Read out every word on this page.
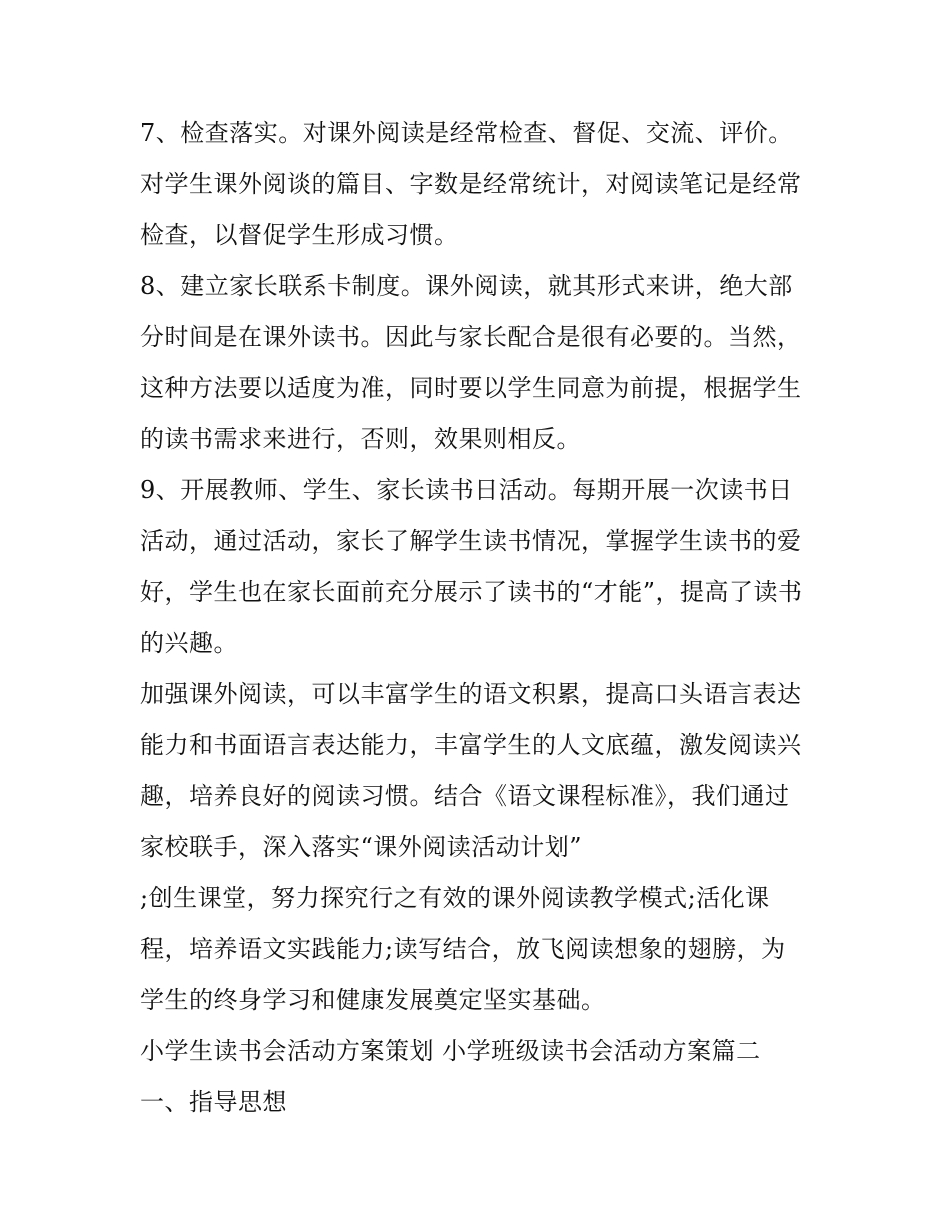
7、检查落实。对课外阅读是经常检查、督促、交流、评价。
对学生课外阅谈的篇目、字数是经常统计，对阅读笔记是经常
检查，以督促学生形成习惯。
8、建立家长联系卡制度。课外阅读，就其形式来讲，绝大部
分时间是在课外读书。因此与家长配合是很有必要的。当然，
这种方法要以适度为准，同时要以学生同意为前提，根据学生
的读书需求来进行，否则，效果则相反。
9、开展教师、学生、家长读书日活动。每期开展一次读书日
活动，通过活动，家长了解学生读书情况，掌握学生读书的爱
好，学生也在家长面前充分展示了读书的“才能”，提高了读书
的兴趣。
加强课外阅读，可以丰富学生的语文积累，提高口头语言表达
能力和书面语言表达能力，丰富学生的人文底蕴，激发阅读兴
趣，培养良好的阅读习惯。结合《语文课程标准》，我们通过
家校联手，深入落实“课外阅读活动计划”
;创生课堂，努力探究行之有效的课外阅读教学模式;活化课
程，培养语文实践能力;读写结合，放飞阅读想象的翅膀，为
学生的终身学习和健康发展奠定坚实基础。
小学生读书会活动方案策划 小学班级读书会活动方案篇二
一、指导思想
